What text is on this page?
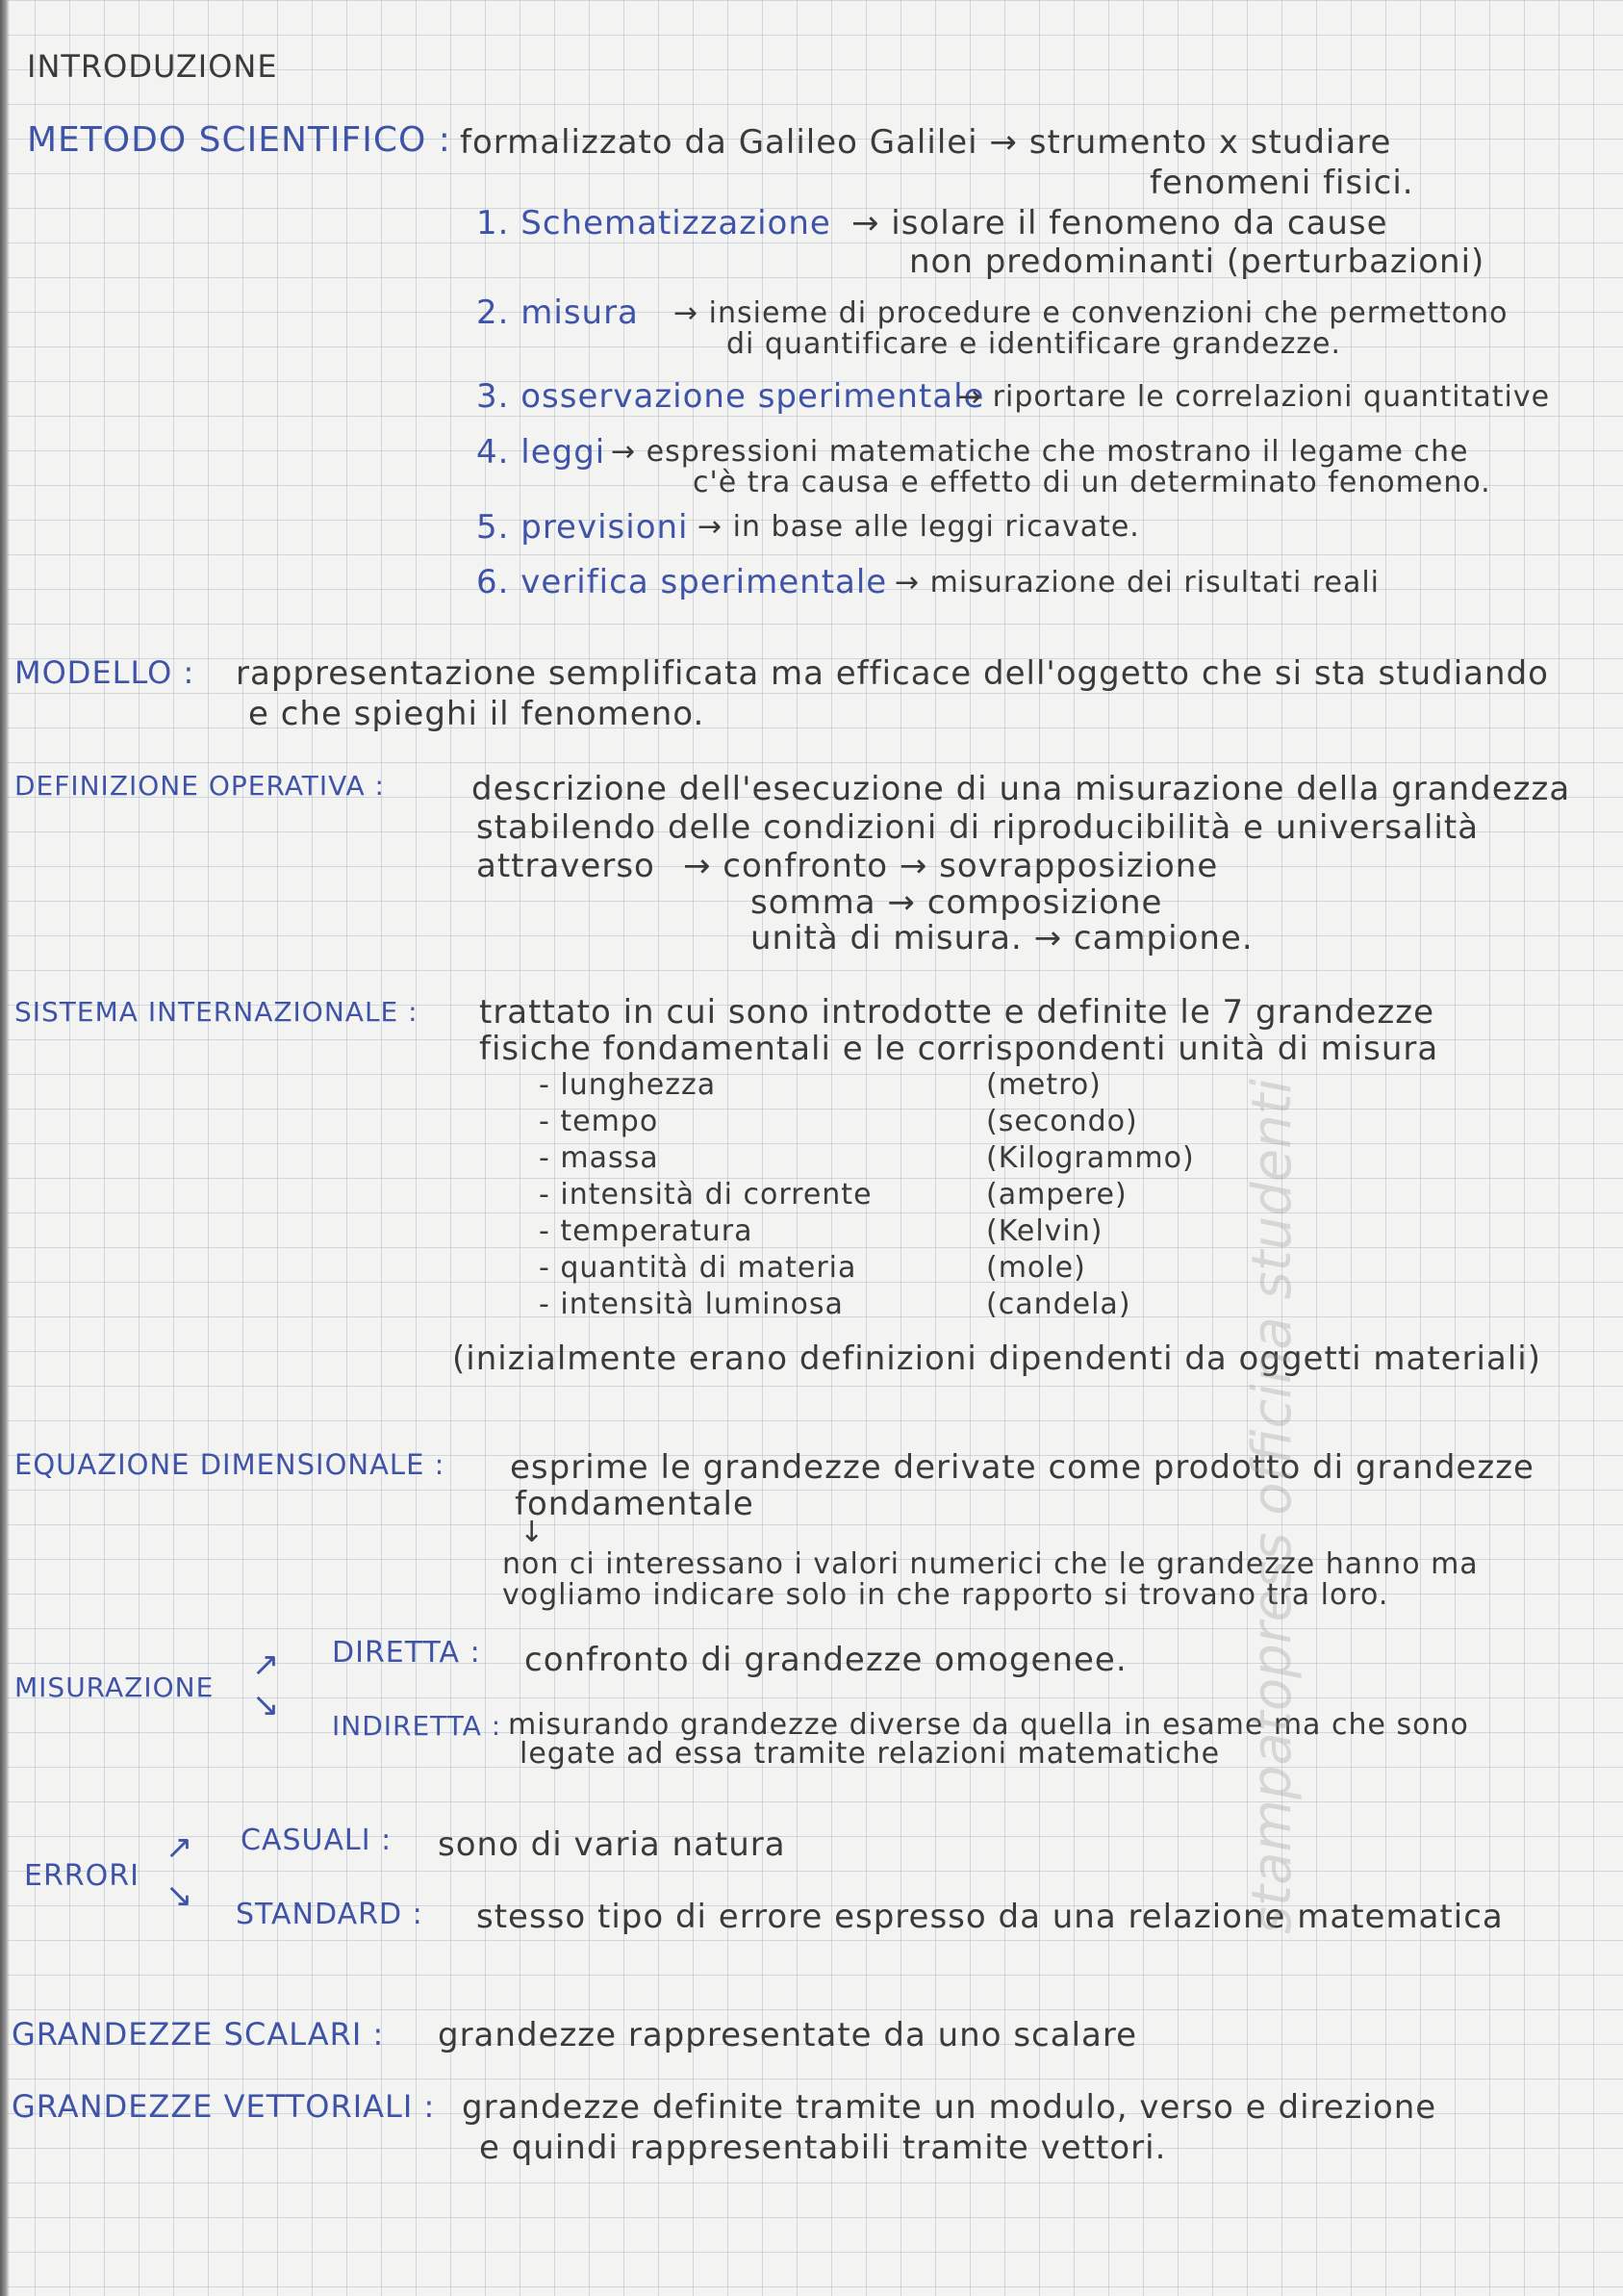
INTRODUZIONE
METODO SCIENTIFICO : formalizzato da Galileo Galilei → strumento x studiare
fenomeni fisici.
1. Schematizzazione → isolare il fenomeno da cause
non predominanti (perturbazioni)
2. misura → insieme di procedure e convenzioni che permettono
di quantificare e identificare grandezze.
3. osservazione sperimentale
→ riportare le correlazioni quantitative
4. leggi → espressioni matematiche che mostrano il legame che
c'è tra causa e effetto di un determinato fenomeno.
5. previsioni → in base alle leggi ricavate.
6. verifica sperimentale → misurazione dei risultati reali
MODELLO : rappresentazione semplificata ma efficace dell'oggetto che si sta studiando
e che spieghi il fenomeno.
DEFINIZIONE OPERATIVA :	descrizione dell'esecuzione di una misurazione della grandezza
stabilendo delle condizioni di riproducibilità e universalità
attraverso → confronto → sovrapposizione
somma → composizione
unità di misura. → campione.
SISTEMA INTERNAZIONALE : trattato in cui sono introdotte e definite le 7 grandezze
fisiche fondamentali e le corrispondenti unità di misura
- lunghezza	(metro)
- tempo	(secondo)
- massa	(Kilogrammo)
- intensità di corrente	(ampere)
- temperatura	(Kelvin)
- quantità di materia	(mole)
- intensità luminosa	(candela)
(inizialmente erano definizioni dipendenti da oggetti materiali)
EQUAZIONE DIMENSIONALE : esprime le grandezze derivate come prodotto di grandezze
fondamentale
↓
non ci interessano i valori numerici che le grandezze hanno ma
vogliamo indicare solo in che rapporto si trovano tra loro.
MISURAZIONE
↗
↘
DIRETTA : confronto di grandezze omogenee.
INDIRETTA : misurando grandezze diverse da quella in esame ma che sono
legate ad essa tramite relazioni matematiche
ERRORI
↗
↘
CASUALI : sono di varia natura
STANDARD : stesso tipo di errore espresso da una relazione matematica
GRANDEZZE SCALARI : grandezze rappresentate da uno scalare
GRANDEZZE VETTORIALI : grandezze definite tramite un modulo, verso e direzione
e quindi rappresentabili tramite vettori.
stampatopress officina studenti
